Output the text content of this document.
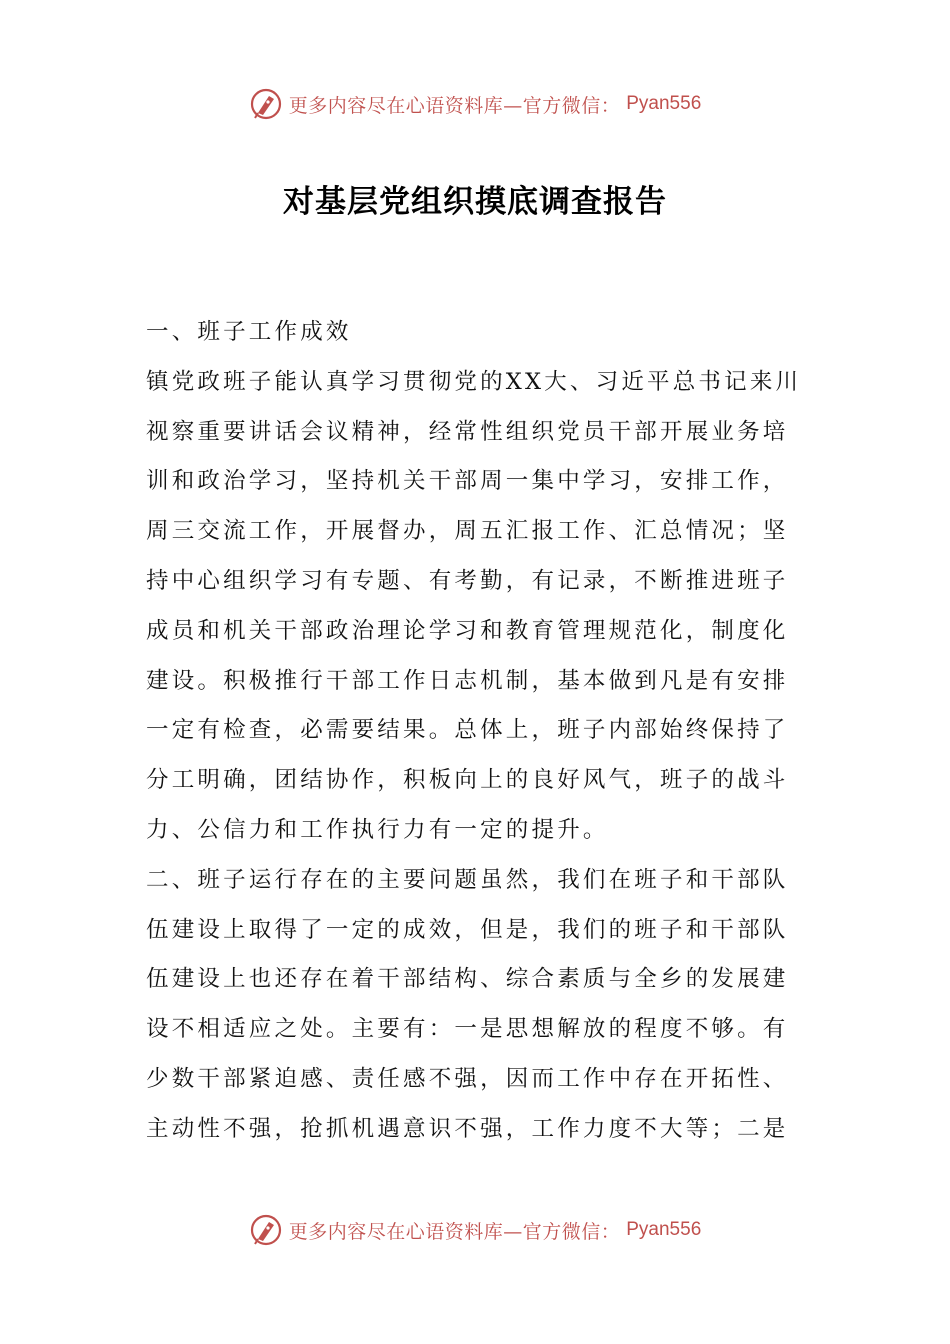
更多内容尽在心语资料库—官方微信： Pyan556
对基层党组织摸底调查报告
一、班子工作成效
镇党政班子能认真学习贯彻党的XX大、习近平总书记来川
视察重要讲话会议精神，经常性组织党员干部开展业务培
训和政治学习，坚持机关干部周一集中学习，安排工作，
周三交流工作，开展督办，周五汇报工作、汇总情况；坚
持中心组织学习有专题、有考勤，有记录，不断推进班子
成员和机关干部政治理论学习和教育管理规范化，制度化
建设。积极推行干部工作日志机制，基本做到凡是有安排
一定有检查，必需要结果。总体上，班子内部始终保持了
分工明确，团结协作，积板向上的良好风气，班子的战斗
力、公信力和工作执行力有一定的提升。
二、班子运行存在的主要问题虽然，我们在班子和干部队
伍建设上取得了一定的成效，但是，我们的班子和干部队
伍建设上也还存在着干部结构、综合素质与全乡的发展建
设不相适应之处。主要有：一是思想解放的程度不够。有
少数干部紧迫感、责任感不强，因而工作中存在开拓性、
主动性不强，抢抓机遇意识不强，工作力度不大等；二是
更多内容尽在心语资料库—官方微信： Pyan556
